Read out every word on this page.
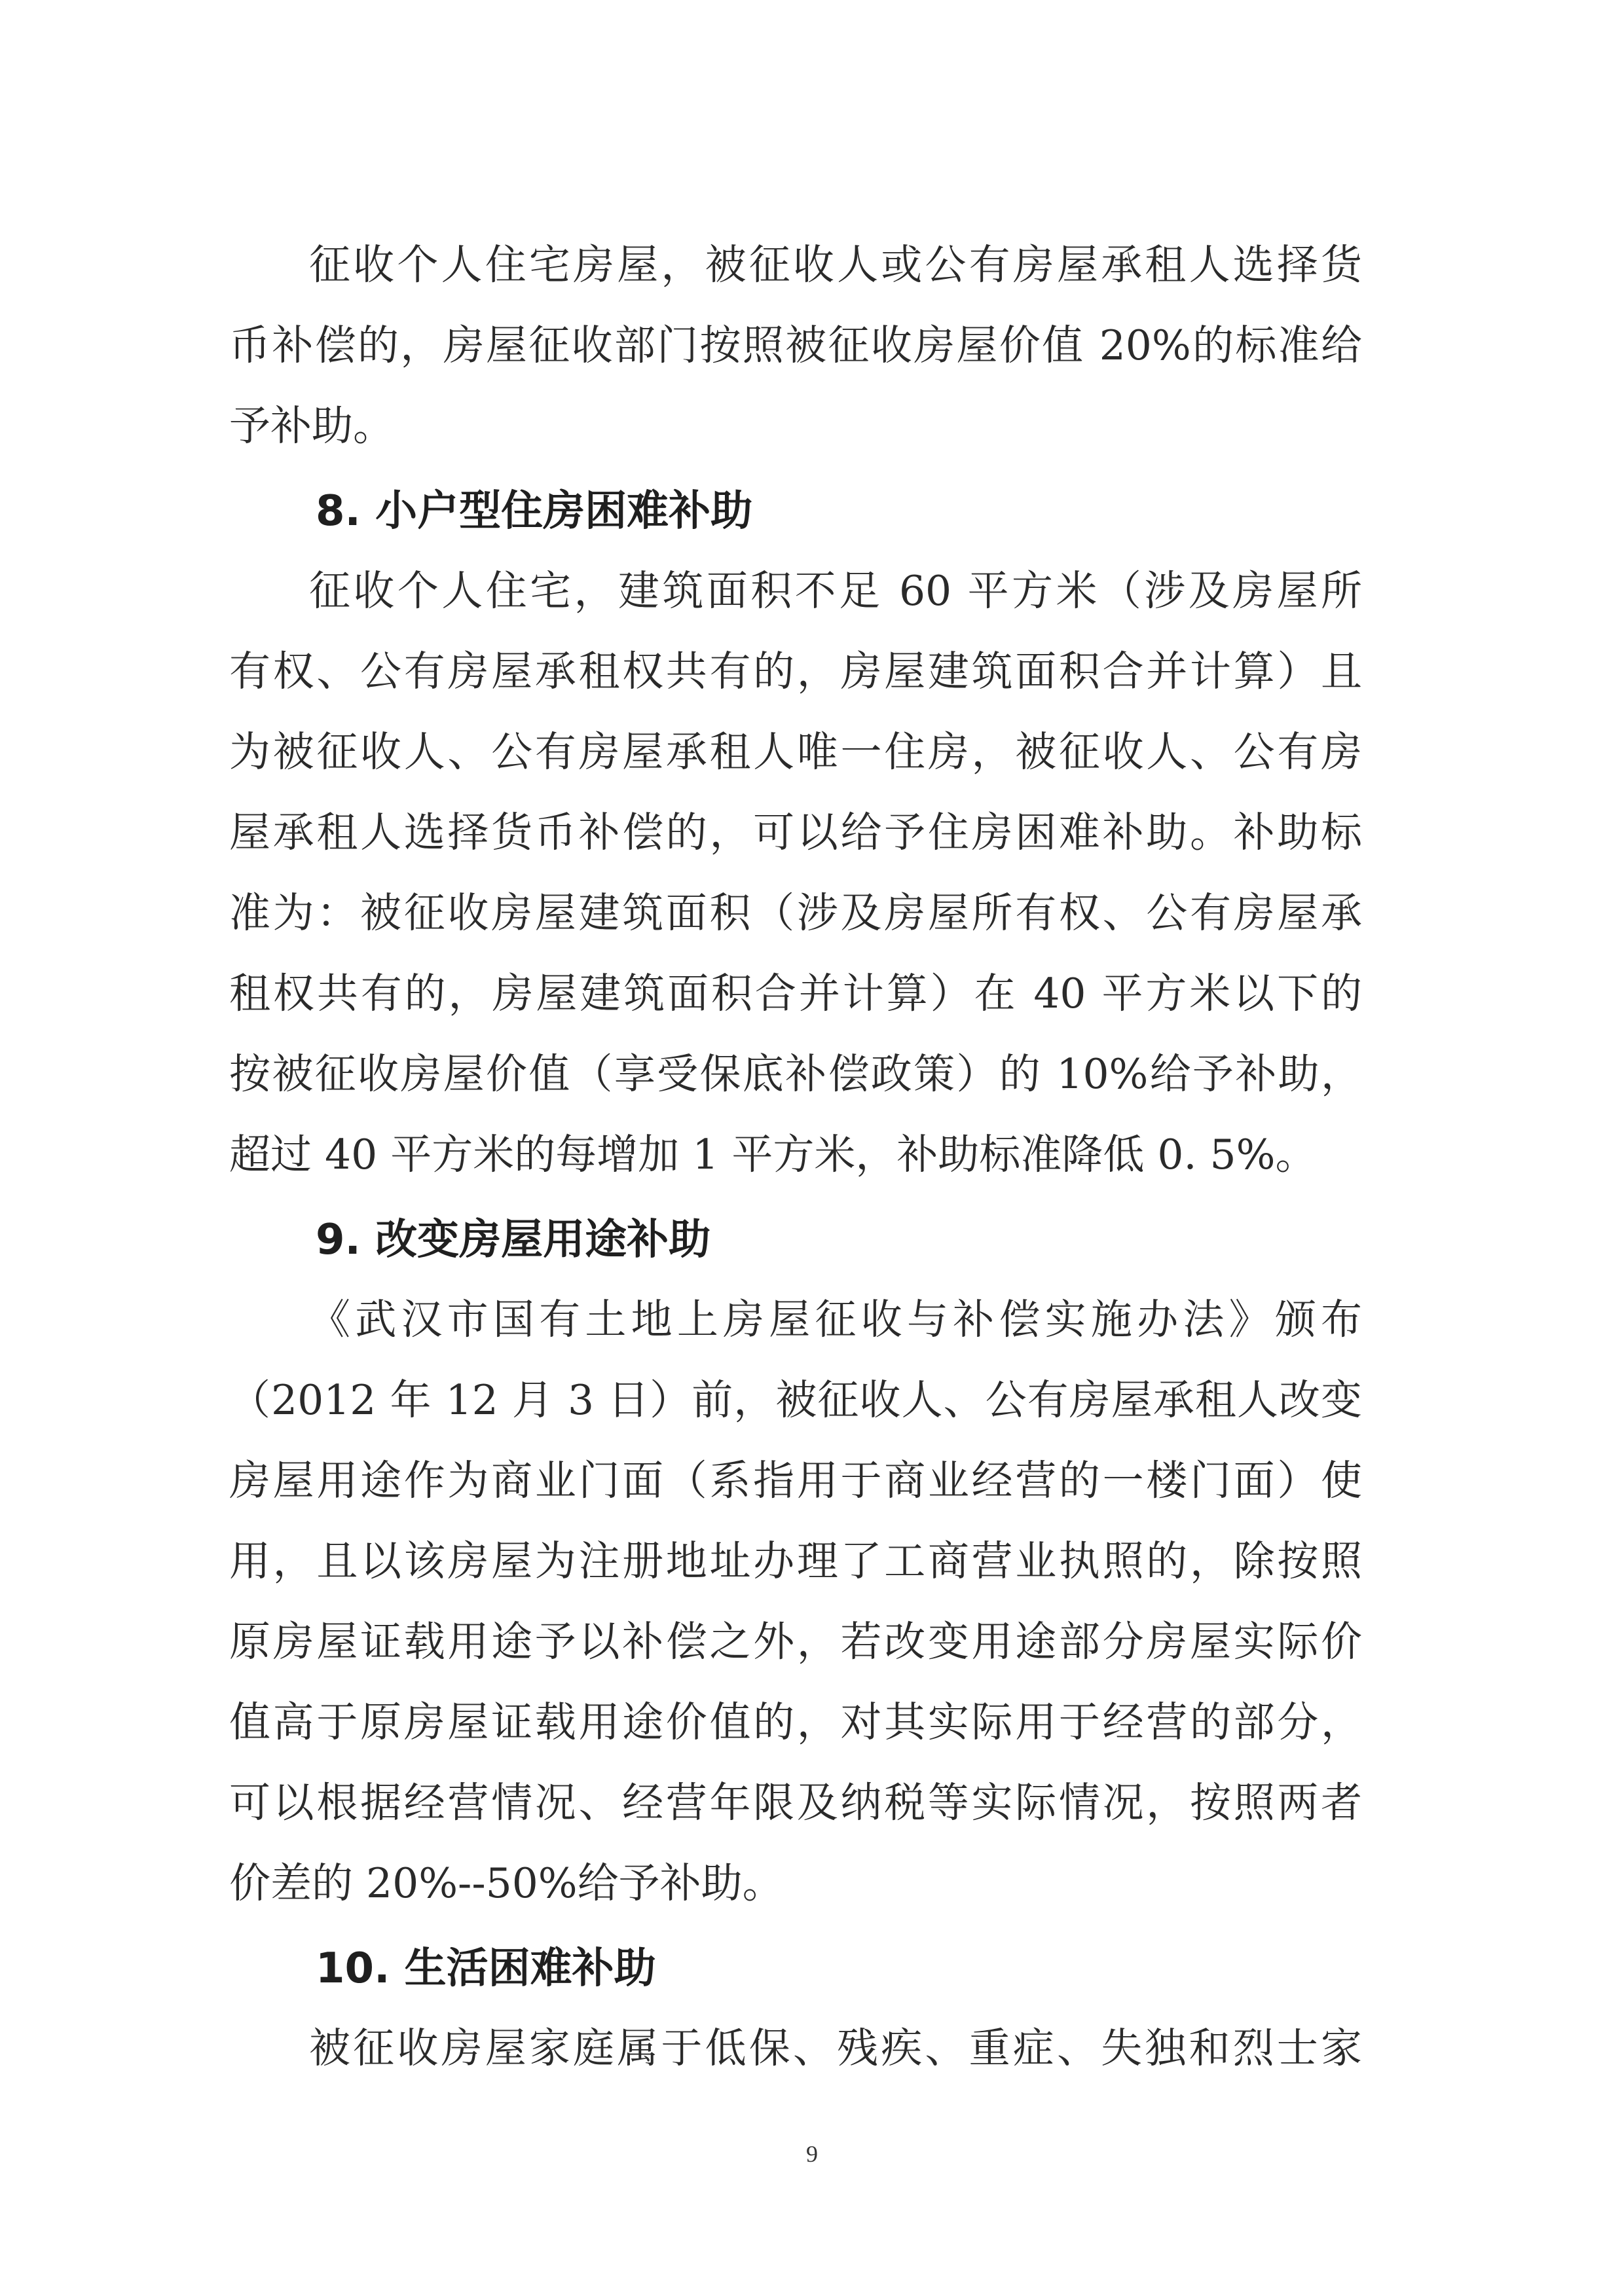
征收个人住宅房屋，被征收人或公有房屋承租人选择货
币补偿的，房屋征收部门按照被征收房屋价值 20%的标准给
予补助。
8. 小户型住房困难补助
征收个人住宅，建筑面积不足 60 平方米（涉及房屋所
有权、公有房屋承租权共有的，房屋建筑面积合并计算）且
为被征收人、公有房屋承租人唯一住房，被征收人、公有房
屋承租人选择货币补偿的，可以给予住房困难补助。补助标
准为：被征收房屋建筑面积（涉及房屋所有权、公有房屋承
租权共有的，房屋建筑面积合并计算）在 40 平方米以下的
按被征收房屋价值（享受保底补偿政策）的 10%给予补助，
超过 40 平方米的每增加 1 平方米，补助标准降低 0. 5%。
9. 改变房屋用途补助
《武汉市国有土地上房屋征收与补偿实施办法》颁布
（2012 年 12 月 3 日）前，被征收人、公有房屋承租人改变
房屋用途作为商业门面（系指用于商业经营的一楼门面）使
用，且以该房屋为注册地址办理了工商营业执照的，除按照
原房屋证载用途予以补偿之外，若改变用途部分房屋实际价
值高于原房屋证载用途价值的，对其实际用于经营的部分，
可以根据经营情况、经营年限及纳税等实际情况，按照两者
价差的 20%--50%给予补助。
10. 生活困难补助
被征收房屋家庭属于低保、残疾、重症、失独和烈士家
9
